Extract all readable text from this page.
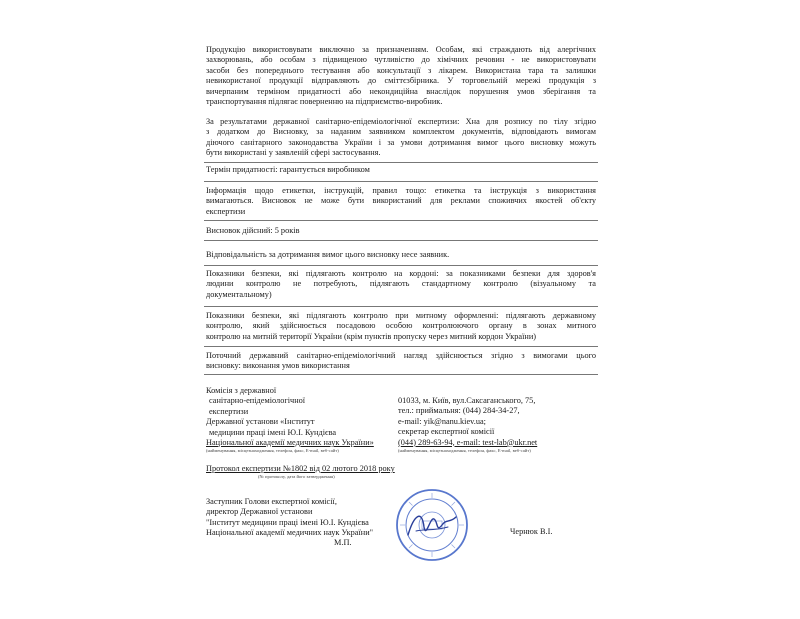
Продукцію використовувати виключно за призначенням. Особам, які страждають від алергічних
захворювань, або особам з підвищеною чутливістю до хімічних речовин - не використовувати
засоби без попереднього тестування або консультації з лікарем. Використана тара та залишки
невикористаної продукції відправляють до сміттєзбірника. У торговельній мережі продукція з
вичерпаним терміном придатності або некондиційна внаслідок порушення умов зберігання та
транспортування підлягає поверненню на підприємство-виробник.
За результатами державної санітарно-епідеміологічної експертизи: Хна для розпису по тілу згідно
з додатком до Висновку, за наданим заявником комплектом документів, відповідають вимогам
діючого санітарного законодавства України і за умови дотримання вимог цього висновку можуть
бути використані у заявленій сфері застосування.
Термін придатності: гарантується виробником
Інформація щодо етикетки, інструкцій, правил тощо: етикетка та інструкція з використання
вимагаються. Висновок не може бути використаний для реклами споживчих якостей об'єкту
експертизи
Висновок дійсний: 5 років
Відповідальність за дотримання вимог цього висновку несе заявник.
Показники безпеки, які підлягають контролю на кордоні: за показниками безпеки для здоров'я
людини контролю не потребують, підлягають стандартному контролю (візуальному та
документальному)
Показники безпеки, які підлягають контролю при митному оформленні: підлягають державному
контролю, який здійснюється посадовою особою контролюючого органу в зонах митного
контролю на митній території України (крім пунктів пропуску через митний кордон України)
Поточний державний санітарно-епідеміологічний нагляд здійснюється згідно з вимогами цього
висновку: виконання умов використання
Комісія з державної
санітарно-епідеміологічної
експертизи
Державної установи «Інститут
медицини праці імені Ю.І. Кундієва
Національної академії медичних наук України»
01033, м. Київ, вул.Саксаганського, 75,
тел.: приймальня: (044) 284-34-27,
e-mail: yik@nanu.kiev.ua;
секретар експертної комісії
(044) 289-63-94, e-mail: test-lab@ukr.net
(найменування, місцезнаходження, телефон, факс, E-mail, веб-сайт)	(найменування, місцезнаходження, телефон, факс, E-mail, веб-сайт)
Протокол експертизи №1802 від 02 лютого 2018 року
(№ протоколу, дата його затвердження)
Заступник Голови експертної комісії,
директор Державної установи
"Інститут медицини праці імені Ю.І. Кундієва
Національної академії медичних наук України"
М.П.
Чернюк В.І.
